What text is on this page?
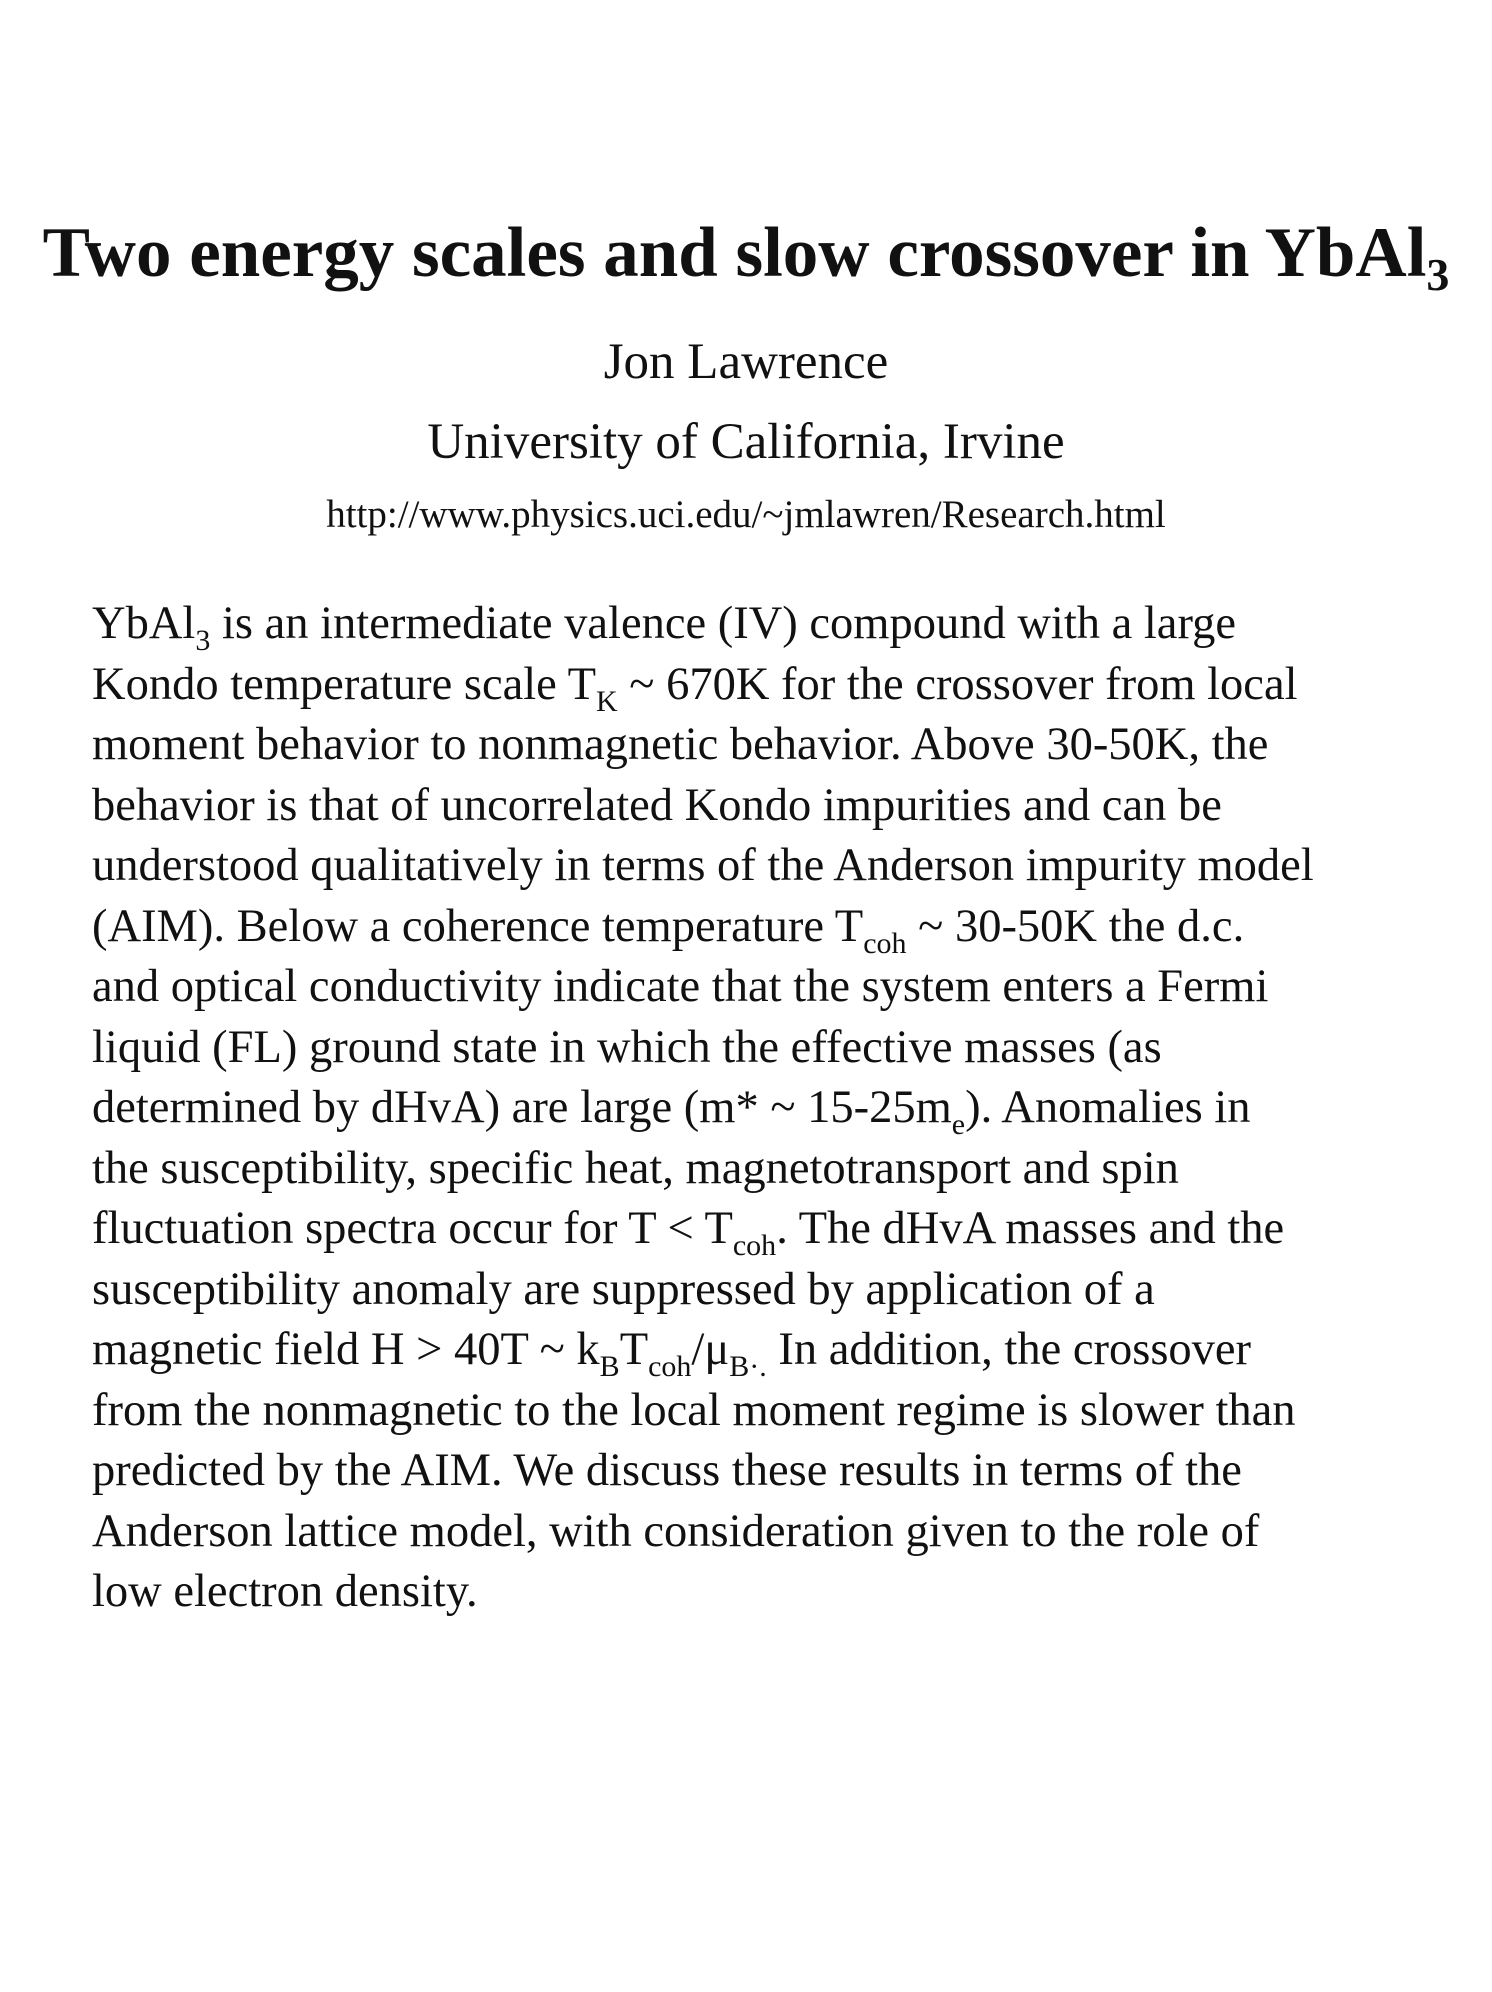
Two energy scales and slow crossover in YbAl$_3$
Jon Lawrence
University of California, Irvine
http://www.physics.uci.edu/~jmlawren/Research.html
YbAl$_3$ is an intermediate valence (IV) compound with a large
Kondo temperature scale $T_K$ ~ 670K for the crossover from local
moment behavior to nonmagnetic behavior. Above 30-50K, the
behavior is that of uncorrelated Kondo impurities and can be
understood qualitatively in terms of the Anderson impurity model
(AIM). Below a coherence temperature $T_{coh}$ ~ 30-50K the d.c.
and optical conductivity indicate that the system enters a Fermi
liquid (FL) ground state in which the effective masses (as
determined by dHvA) are large (m* ~ $15-25m_e$). Anomalies in
the susceptibility, specific heat, magnetotransport and spin
fluctuation spectra occur for $T < T_{coh}$. The dHvA masses and the
susceptibility anomaly are suppressed by application of a
magnetic field H > 40T ~ $k_BT_{coh}/\mu_{B\cdot.}$ In addition, the crossover
from the nonmagnetic to the local moment regime is slower than
predicted by the AIM. We discuss these results in terms of the
Anderson lattice model, with consideration given to the role of
low electron density.
